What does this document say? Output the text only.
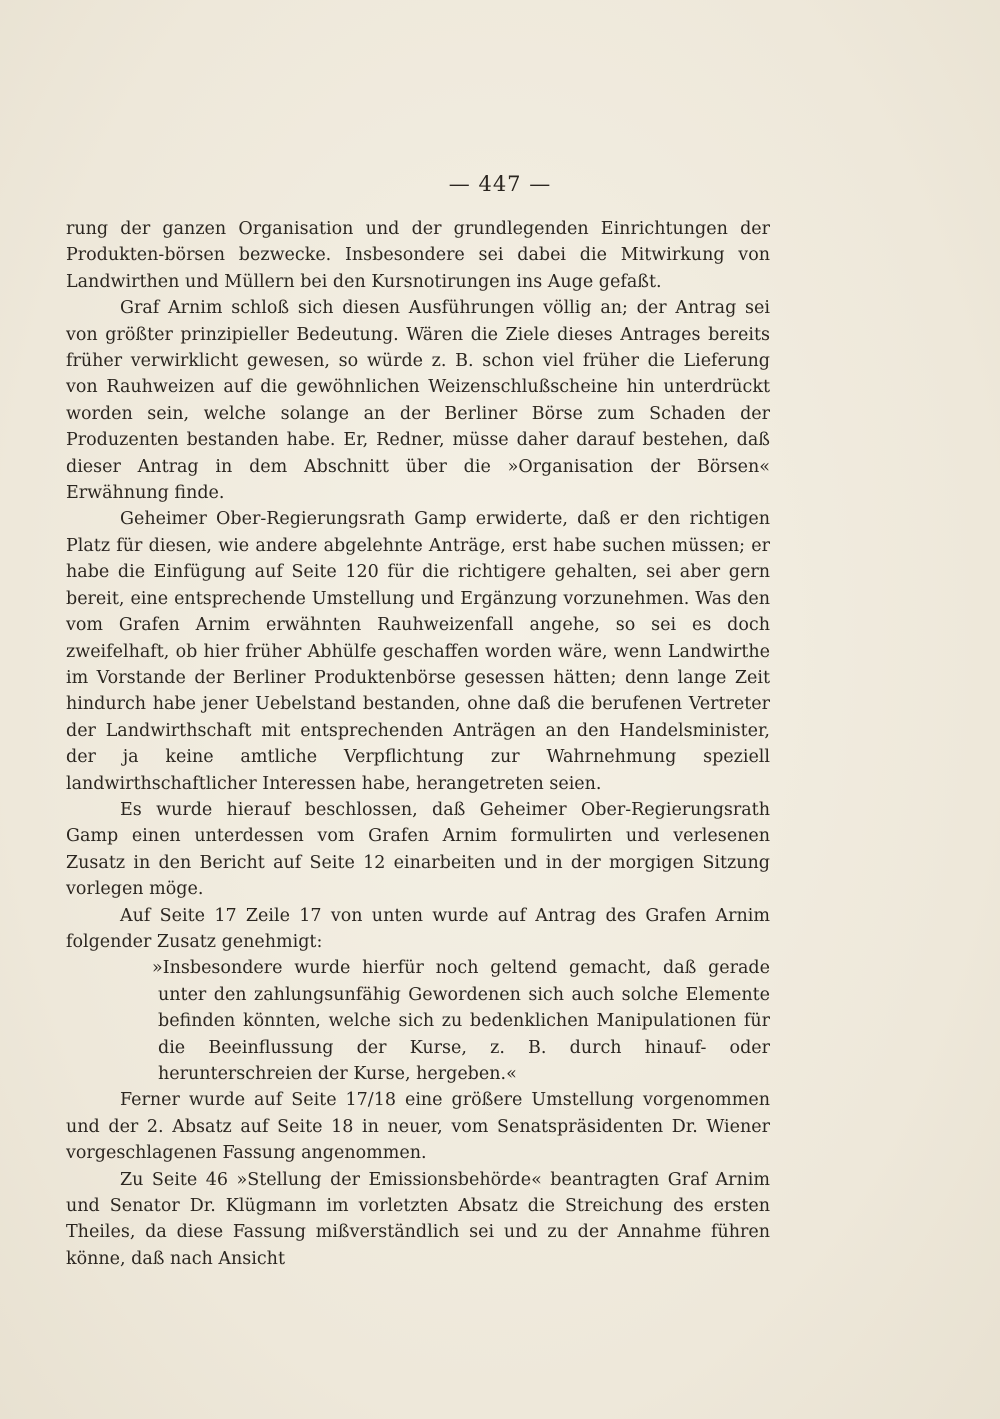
— 447 —

rung der ganzen Organisation und der grundlegenden Einrichtungen der Produkten-börsen bezwecke. Insbesondere sei dabei die Mitwirkung von Landwirthen und Müllern bei den Kursnotirungen ins Auge gefaßt.

Graf Arnim schloß sich diesen Ausführungen völlig an; der Antrag sei von größter prinzipieller Bedeutung. Wären die Ziele dieses Antrages bereits früher verwirklicht gewesen, so würde z. B. schon viel früher die Lieferung von Rauhweizen auf die gewöhnlichen Weizenschlußscheine hin unterdrückt worden sein, welche solange an der Berliner Börse zum Schaden der Produzenten bestanden habe. Er, Redner, müsse daher darauf bestehen, daß dieser Antrag in dem Abschnitt über die »Organisation der Börsen« Erwähnung finde.

Geheimer Ober-Regierungsrath Gamp erwiderte, daß er den richtigen Platz für diesen, wie andere abgelehnte Anträge, erst habe suchen müssen; er habe die Einfügung auf Seite 120 für die richtigere gehalten, sei aber gern bereit, eine entsprechende Umstellung und Ergänzung vorzunehmen. Was den vom Grafen Arnim erwähnten Rauhweizenfall angehe, so sei es doch zweifelhaft, ob hier früher Abhülfe geschaffen worden wäre, wenn Landwirthe im Vorstande der Berliner Produktenbörse gesessen hätten; denn lange Zeit hindurch habe jener Uebelstand bestanden, ohne daß die berufenen Vertreter der Landwirthschaft mit entsprechenden Anträgen an den Handelsminister, der ja keine amtliche Verpflichtung zur Wahrnehmung speziell landwirthschaftlicher Interessen habe, herangetreten seien.

Es wurde hierauf beschlossen, daß Geheimer Ober-Regierungsrath Gamp einen unterdessen vom Grafen Arnim formulirten und verlesenen Zusatz in den Bericht auf Seite 12 einarbeiten und in der morgigen Sitzung vorlegen möge.

Auf Seite 17 Zeile 17 von unten wurde auf Antrag des Grafen Arnim folgender Zusatz genehmigt:

»Insbesondere wurde hierfür noch geltend gemacht, daß gerade unter den zahlungsunfähig Gewordenen sich auch solche Elemente befinden könnten, welche sich zu bedenklichen Manipulationen für die Beeinflussung der Kurse, z. B. durch hinauf- oder herunterschreien der Kurse, hergeben.«

Ferner wurde auf Seite 17/18 eine größere Umstellung vorgenommen und der 2. Absatz auf Seite 18 in neuer, vom Senatspräsidenten Dr. Wiener vorgeschlagenen Fassung angenommen.

Zu Seite 46 »Stellung der Emissionsbehörde« beantragten Graf Arnim und Senator Dr. Klügmann im vorletzten Absatz die Streichung des ersten Theiles, da diese Fassung mißverständlich sei und zu der Annahme führen könne, daß nach Ansicht
